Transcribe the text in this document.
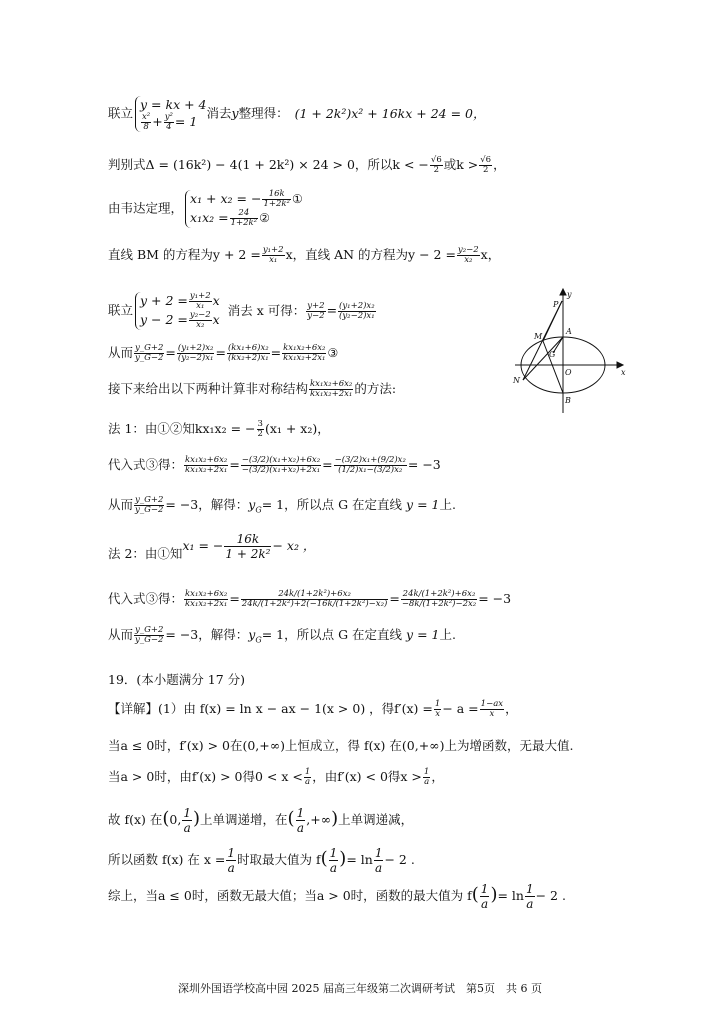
联立
y = kx + 4
$\frac{\text{x²}}{8} + \frac{\text{y²}}{4} = 1$
消去y整理得： (1 + 2k²)x² + 16kx + 24 = 0，
判别式Δ = (16k²) − 4(1 + 2k²) × 24 > 0，所以k < − $\frac{√6}{2}$ 或$k > \frac{√6}{2}$ ，
由韦达定理，
x₁ + x₂ = − $\frac{16k}{\text{1+2k²}}$ ①
$x_1x_2 = \frac{24}{\text{1+2k²}}$ ②
直线 BM 的方程为$y + 2 = \frac{\text{y₁+2}}{\text{x₁}}$ x，直线 AN 的方程为$y - 2 = \frac{\text{y₂−2}}{\text{x₂}}$ x，
联立
$y + 2 = \frac{\text{y₁+2}}{\text{x₁}}$ x
$y - 2 = \frac{\text{y₂−2}}{\text{x₂}}$ x
消去 x 可得： $\frac{y+2}{y-2} = \frac{\text{(y₁+2)x₂}}{\text{(y₂−2)x₁}}$
从而 $\frac{y\_G+2}{y\_G-2} = \frac{\text{(y₁+2)x₂}}{\text{(y₂−2)x₁}} = \frac{\text{(kx₁+6)x₂}}{\text{(kx₂+2)x₁}} = \frac{\text{kx₁x₂+6x₂}}{\text{kx₁x₂+2x₁}}$ ③
接下来给出以下两种计算非对称结构 $\frac{\text{kx₁x₂+6x₂}}{\text{kx₁x₂+2x₁}}$ 的方法:
法 1：由①②知kx₁x₂ = − $\frac{3}{2} (x_1 + x_2)$，
代入式③得： $\frac{\text{kx₁x₂+6x₂}}{\text{kx₁x₂+2x₁}} = \frac{\text{−(3/2)(x₁+x₂)+6x₂}}{\text{−(3/2)(x₁+x₂)+2x₁}} = \frac{\text{−(3/2)x₁+(9/2)x₂}}{\text{(1/2)x₁−(3/2)x₂}} = -3$
从而 $\frac{y\_G+2}{y\_G-2} = -3$，解得：$y_G= 1$，所以点 G 在定直线 y = 1上.
法 2：由①知x₁ = − $\frac{16k}{\text{1 + 2k²}} - x_2$ ，
代入式③得： $\frac{\text{kx₁x₂+6x₂}}{\text{kx₁x₂+2x₁}} = \frac{\text{24k/(1+2k²)+6x₂}}{\text{24k/(1+2k²)+2(−16k/(1+2k²)−x₂)}} = \frac{\text{24k/(1+2k²)+6x₂}}{\text{−8k/(1+2k²)−2x₂}} = -3$
从而 $\frac{y\_G+2}{y\_G-2} = -3$，解得：$y_G= 1$，所以点 G 在定直线 y = 1上.
19．(本小题满分 17 分)
【详解】(1）由 f(x) = ln x − ax − 1(x > 0) ，得$f'(x) = \frac{1}{x} - a = \frac{1-ax}{x}$ ，
当a ≤ 0时，f′(x) > 0在(0,+∞)上恒成立，得 f(x) 在(0,+∞)上为增函数，无最大值.
当a > 0时，由f′(x) > 0得$0 < x < \frac{1}{a}$ ，由f′(x) < 0得$x > \frac{1}{a}$ ，
故 f(x) 在(0, $\frac{1}{a}$ )上单调递增，在( $\frac{1}{a}$ ,+∞)上单调递减，
所以函数 f(x) 在 $x = \frac{1}{a}$ 时取最大值为 $f( \frac{1}{a}$ )= $\ln \frac{1}{a} - 2$ .
综上，当a ≤ 0时，函数无最大值；当a > 0时，函数的最大值为 $f( \frac{1}{a}$ )= $\ln \frac{1}{a} - 2$ .
P
y
M
A
G
N
O
B
x
深圳外国语学校高中园 2025 届高三年级第二次调研考试　第5页　共 6 页
